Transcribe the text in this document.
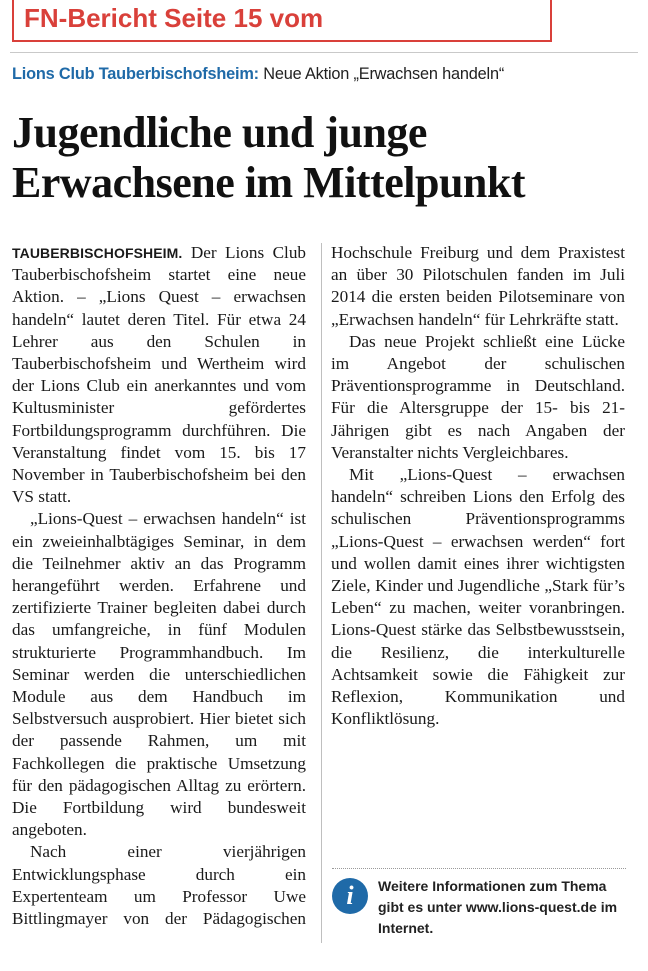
FN-Bericht Seite 15 vom
Lions Club Tauberbischofsheim: Neue Aktion „Erwachsen handeln“
Jugendliche und junge
Erwachsene im Mittelpunkt

TAUBERBISCHOFSHEIM. Der Lions Club Tauberbischofsheim startet eine neue Aktion. – „Lions Quest – erwachsen handeln“ lautet deren Titel. Für etwa 24 Lehrer aus den Schulen in Tauberbischofsheim und Wertheim wird der Lions Club ein anerkanntes und vom Kultusminister gefördertes Fortbildungsprogramm durchführen. Die Veranstaltung findet vom 15. bis 17 November in Tauberbischofsheim bei den VS statt.

„Lions-Quest – erwachsen handeln“ ist ein zweieinhalbtägiges Seminar, in dem die Teilnehmer aktiv an das Programm herangeführt werden. Erfahrene und zertifizierte Trainer begleiten dabei durch das umfangreiche, in fünf Modulen strukturierte Programmhandbuch. Im Seminar werden die unterschiedlichen Module aus dem Handbuch im Selbstversuch ausprobiert. Hier bietet sich der passende Rahmen, um mit Fachkollegen die praktische Umsetzung für den pädagogischen Alltag zu erörtern. Die Fortbildung wird bundesweit angeboten.

Nach einer vierjährigen Entwicklungsphase durch ein Expertenteam um Professor Uwe Bittlingmayer von der Pädagogischen

Hochschule Freiburg und dem Praxistest an über 30 Pilotschulen fanden im Juli 2014 die ersten beiden Pilotseminare von „Erwachsen handeln“ für Lehrkräfte statt.

Das neue Projekt schließt eine Lücke im Angebot der schulischen Präventionsprogramme in Deutschland. Für die Altersgruppe der 15- bis 21-Jährigen gibt es nach Angaben der Veranstalter nichts Vergleichbares.

Mit „Lions-Quest – erwachsen handeln“ schreiben Lions den Erfolg des schulischen Präventionsprogramms „Lions-Quest – erwachsen werden“ fort und wollen damit eines ihrer wichtigsten Ziele, Kinder und Jugendliche „Stark für’s Leben“ zu machen, weiter voranbringen. Lions-Quest stärke das Selbstbewusstsein, die Resilienz, die interkulturelle Achtsamkeit sowie die Fähigkeit zur Reflexion, Kommunikation und Konfliktlösung.

i	Weitere Informationen zum Thema gibt es unter www.lions-quest.de im Internet.
